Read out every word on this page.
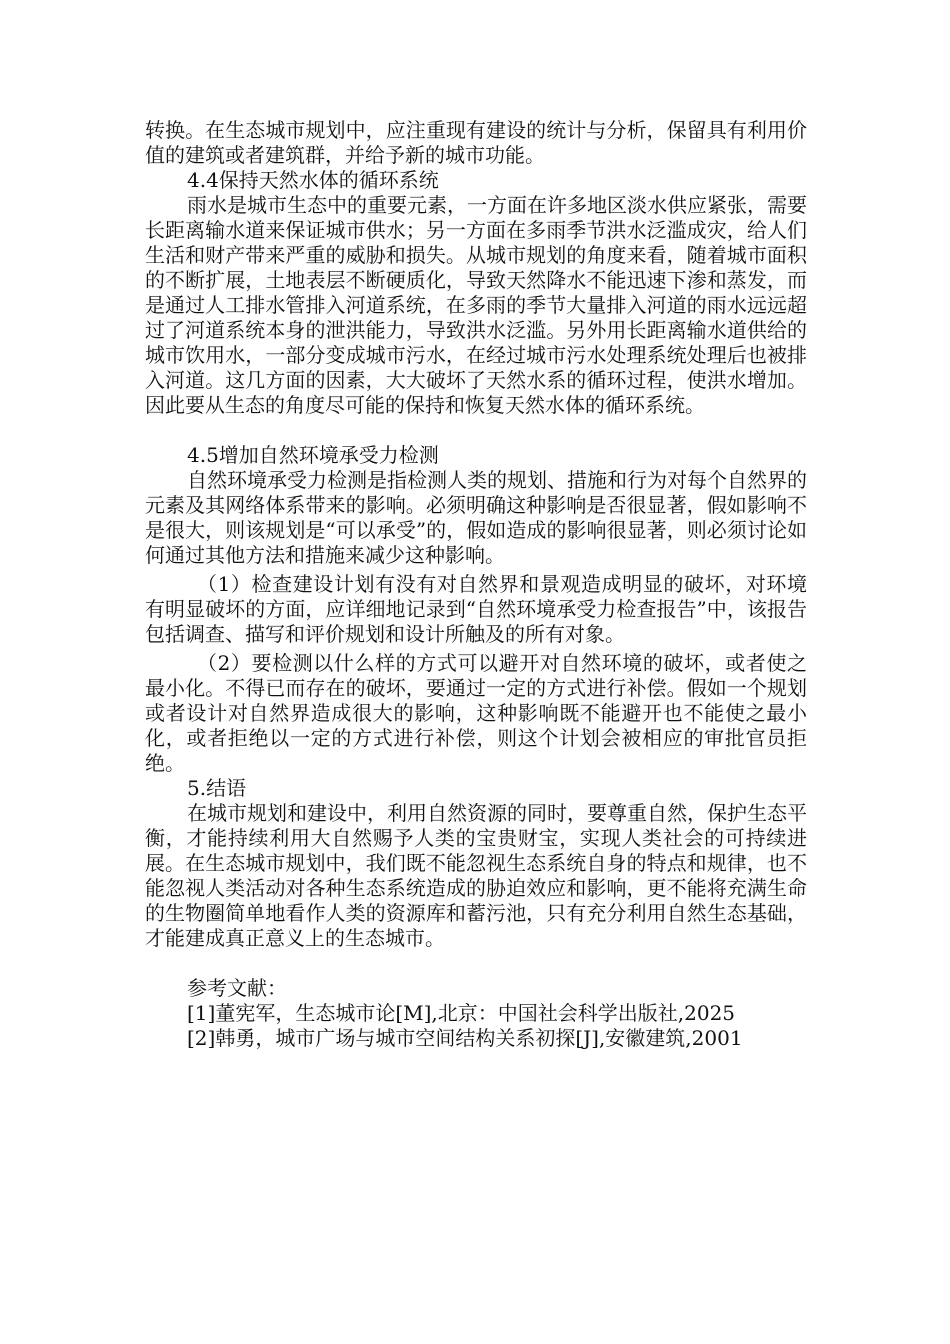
转换。在生态城市规划中，应注重现有建设的统计与分析，保留具有利用价值的建筑或者建筑群，并给予新的城市功能。

4.4保持天然水体的循环系统

雨水是城市生态中的重要元素，一方面在许多地区淡水供应紧张，需要长距离输水道来保证城市供水；另一方面在多雨季节洪水泛滥成灾，给人们生活和财产带来严重的威胁和损失。从城市规划的角度来看，随着城市面积的不断扩展，土地表层不断硬质化，导致天然降水不能迅速下渗和蒸发，而是通过人工排水管排入河道系统，在多雨的季节大量排入河道的雨水远远超过了河道系统本身的泄洪能力，导致洪水泛滥。另外用长距离输水道供给的城市饮用水，一部分变成城市污水，在经过城市污水处理系统处理后也被排入河道。这几方面的因素，大大破坏了天然水系的循环过程，使洪水增加。因此要从生态的角度尽可能的保持和恢复天然水体的循环系统。

4.5增加自然环境承受力检测

自然环境承受力检测是指检测人类的规划、措施和行为对每个自然界的元素及其网络体系带来的影响。必须明确这种影响是否很显著，假如影响不是很大，则该规划是“可以承受”的，假如造成的影响很显著，则必须讨论如何通过其他方法和措施来减少这种影响。

（1）检查建设计划有没有对自然界和景观造成明显的破坏，对环境有明显破坏的方面，应详细地记录到“自然环境承受力检查报告”中，该报告包括调查、描写和评价规划和设计所触及的所有对象。

（2）要检测以什么样的方式可以避开对自然环境的破坏，或者使之最小化。不得已而存在的破坏，要通过一定的方式进行补偿。假如一个规划或者设计对自然界造成很大的影响，这种影响既不能避开也不能使之最小化，或者拒绝以一定的方式进行补偿，则这个计划会被相应的审批官员拒绝。

5.结语

在城市规划和建设中，利用自然资源的同时，要尊重自然，保护生态平衡，才能持续利用大自然赐予人类的宝贵财宝，实现人类社会的可持续进展。在生态城市规划中，我们既不能忽视生态系统自身的特点和规律，也不能忽视人类活动对各种生态系统造成的胁迫效应和影响，更不能将充满生命的生物圈简单地看作人类的资源库和蓄污池，只有充分利用自然生态基础，才能建成真正意义上的生态城市。

参考文献：

[1]董宪军，生态城市论[M],北京：中国社会科学出版社,2025

[2]韩勇，城市广场与城市空间结构关系初探[J],安徽建筑,2001
